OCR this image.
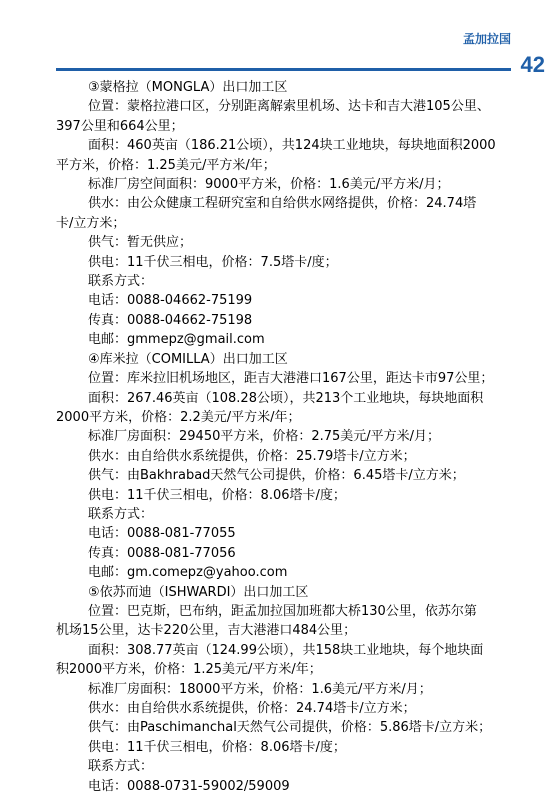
孟加拉国
42

③蒙格拉（MONGLA）出口加工区

位置：蒙格拉港口区，分别距离解索里机场、达卡和吉大港105公里、

397公里和664公里；

面积：460英亩（186.21公顷），共124块工业地块，每块地面积2000

平方米，价格：1.25美元/平方米/年；

标准厂房空间面积：9000平方米，价格：1.6美元/平方米/月；

供水：由公众健康工程研究室和自给供水网络提供，价格：24.74塔

卡/立方米；

供气：暂无供应；

供电：11千伏三相电，价格：7.5塔卡/度；

联系方式：

电话：0088-04662-75199

传真：0088-04662-75198

电邮：gmmepz@gmail.com

④库米拉（COMILLA）出口加工区

位置：库米拉旧机场地区，距吉大港港口167公里，距达卡市97公里；

面积：267.46英亩（108.28公顷），共213个工业地块，每块地面积

2000平方米，价格：2.2美元/平方米/年；

标准厂房面积：29450平方米，价格：2.75美元/平方米/月；

供水：由自给供水系统提供，价格：25.79塔卡/立方米；

供气：由Bakhrabad天然气公司提供，价格：6.45塔卡/立方米；

供电：11千伏三相电，价格：8.06塔卡/度；

联系方式：

电话：0088-081-77055

传真：0088-081-77056

电邮：gm.comepz@yahoo.com

⑤依苏而迪（ISHWARDI）出口加工区

位置：巴克斯，巴布纳，距孟加拉国加班都大桥130公里，依苏尔第

机场15公里，达卡220公里，吉大港港口484公里；

面积：308.77英亩（124.99公顷），共158块工业地块，每个地块面

积2000平方米，价格：1.25美元/平方米/年；

标准厂房面积：18000平方米，价格：1.6美元/平方米/月；

供水：由自给供水系统提供，价格：24.74塔卡/立方米；

供气：由Paschimanchal天然气公司提供，价格：5.86塔卡/立方米；

供电：11千伏三相电，价格：8.06塔卡/度；

联系方式：

电话：0088-0731-59002/59009
